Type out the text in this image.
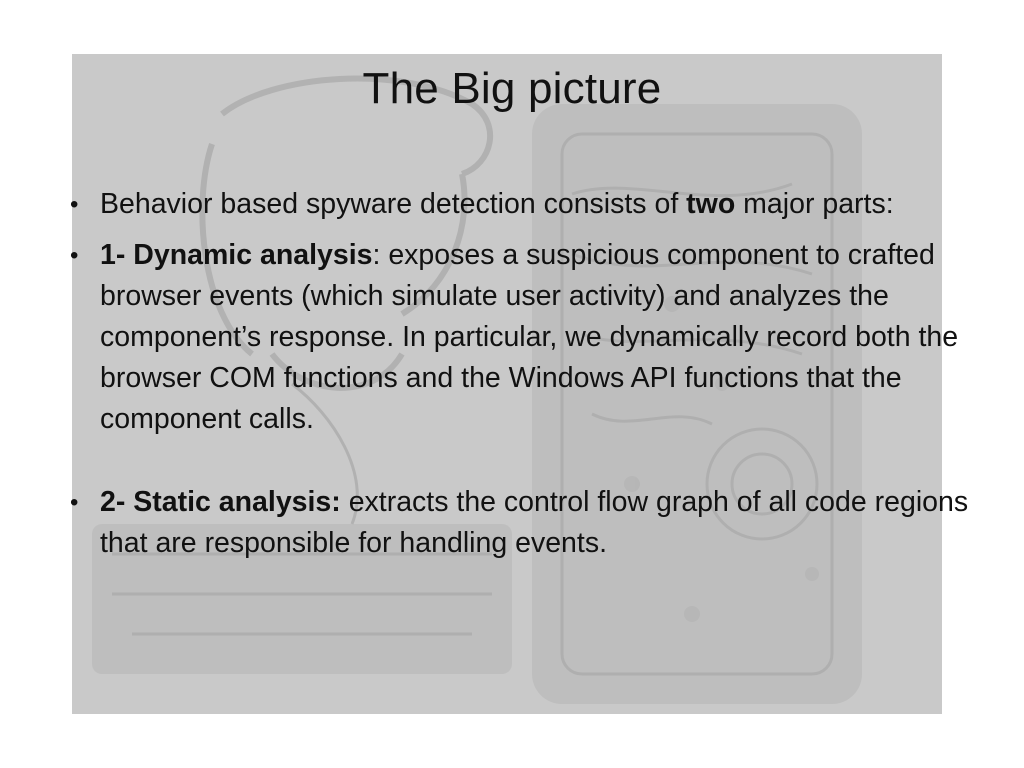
The Big picture
• Behavior based spyware detection consists of two major parts:
• 1- Dynamic analysis: exposes a suspicious component to crafted browser events (which simulate user activity) and analyzes the component’s response. In particular, we dynamically record both the browser COM functions and the Windows API functions that the component calls.
• 2- Static analysis: extracts the control flow graph of all code regions that are responsible for handling events.
